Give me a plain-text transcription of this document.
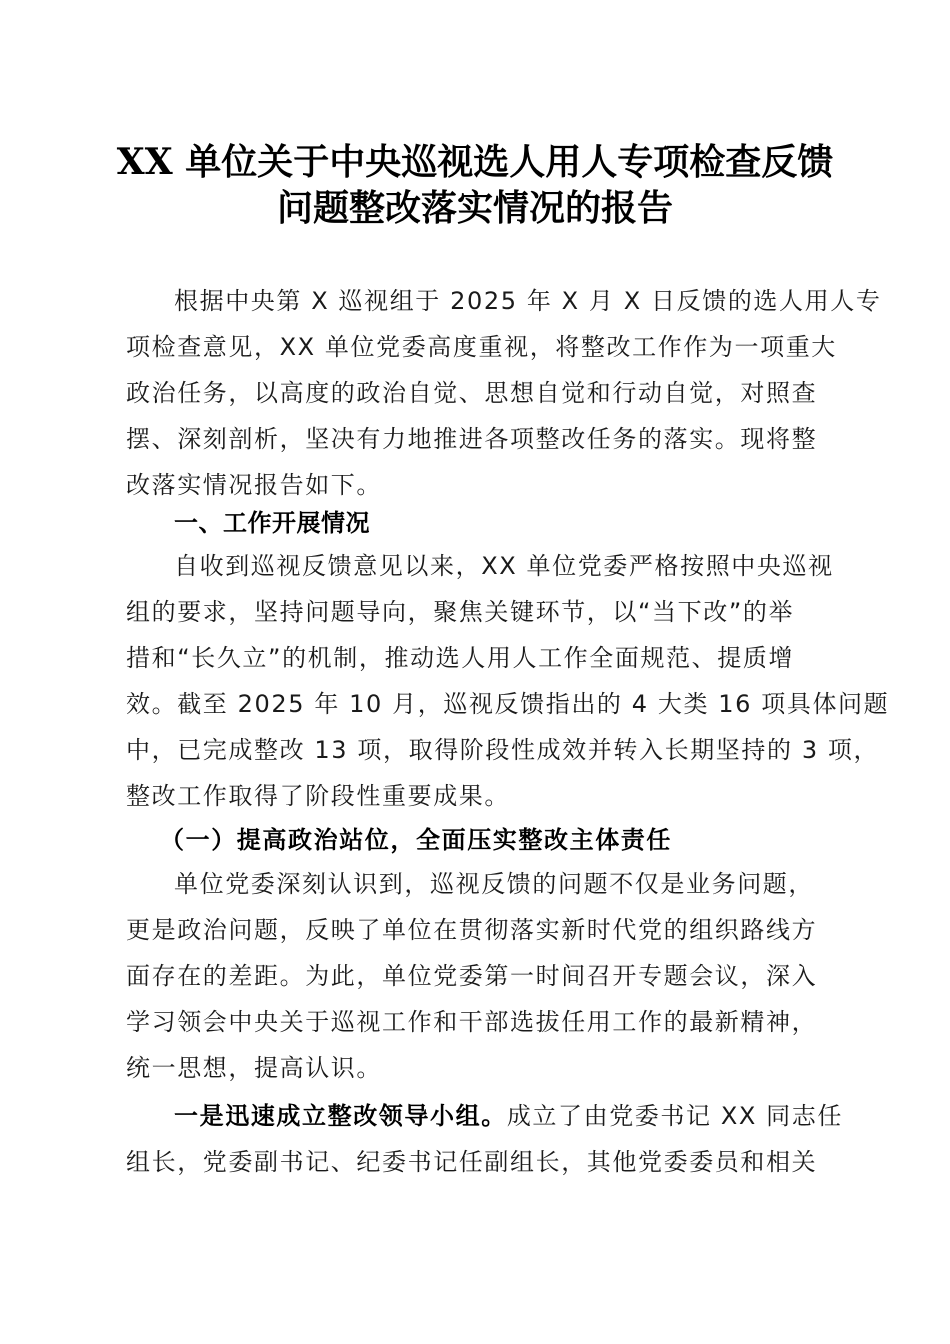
XX 单位关于中央巡视选人用人专项检查反馈
问题整改落实情况的报告
根据中央第 X 巡视组于 2025 年 X 月 X 日反馈的选人用人专
项检查意见，XX 单位党委高度重视，将整改工作作为一项重大
政治任务，以高度的政治自觉、思想自觉和行动自觉，对照查
摆、深刻剖析，坚决有力地推进各项整改任务的落实。现将整
改落实情况报告如下。
一、工作开展情况
自收到巡视反馈意见以来，XX 单位党委严格按照中央巡视
组的要求，坚持问题导向，聚焦关键环节，以“当下改”的举
措和“长久立”的机制，推动选人用人工作全面规范、提质增
效。截至 2025 年 10 月，巡视反馈指出的 4 大类 16 项具体问题
中，已完成整改 13 项，取得阶段性成效并转入长期坚持的 3 项，
整改工作取得了阶段性重要成果。
（一）提高政治站位，全面压实整改主体责任
单位党委深刻认识到，巡视反馈的问题不仅是业务问题，
更是政治问题，反映了单位在贯彻落实新时代党的组织路线方
面存在的差距。为此，单位党委第一时间召开专题会议，深入
学习领会中央关于巡视工作和干部选拔任用工作的最新精神，
统一思想，提高认识。
一是迅速成立整改领导小组。成立了由党委书记 XX 同志任
组长，党委副书记、纪委书记任副组长，其他党委委员和相关
